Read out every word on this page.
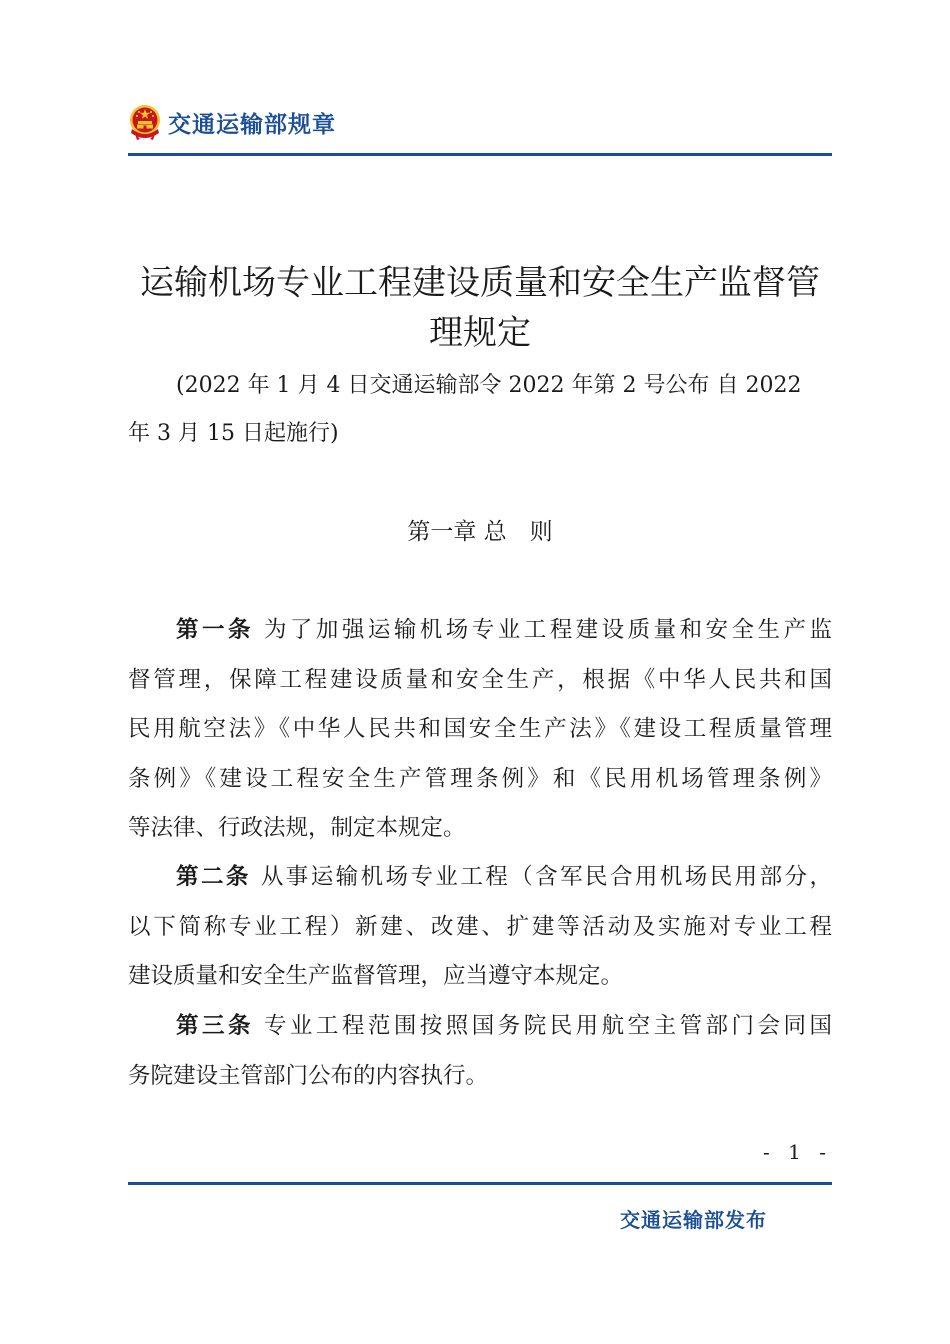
交通运输部规章
运输机场专业工程建设质量和安全生产监督管
理规定
(2022 年 1 月 4 日交通运输部令 2022 年第 2 号公布 自 2022
年 3 月 15 日起施行)
第一章 总　则
第一条 为了加强运输机场专业工程建设质量和安全生产监
督管理，保障工程建设质量和安全生产，根据《中华人民共和国
民用航空法》《中华人民共和国安全生产法》《建设工程质量管理
条例》《建设工程安全生产管理条例》和《民用机场管理条例》
等法律、行政法规，制定本规定。
第二条 从事运输机场专业工程（含军民合用机场民用部分，
以下简称专业工程）新建、改建、扩建等活动及实施对专业工程
建设质量和安全生产监督管理，应当遵守本规定。
第三条 专业工程范围按照国务院民用航空主管部门会同国
务院建设主管部门公布的内容执行。
- 1 -
交通运输部发布
